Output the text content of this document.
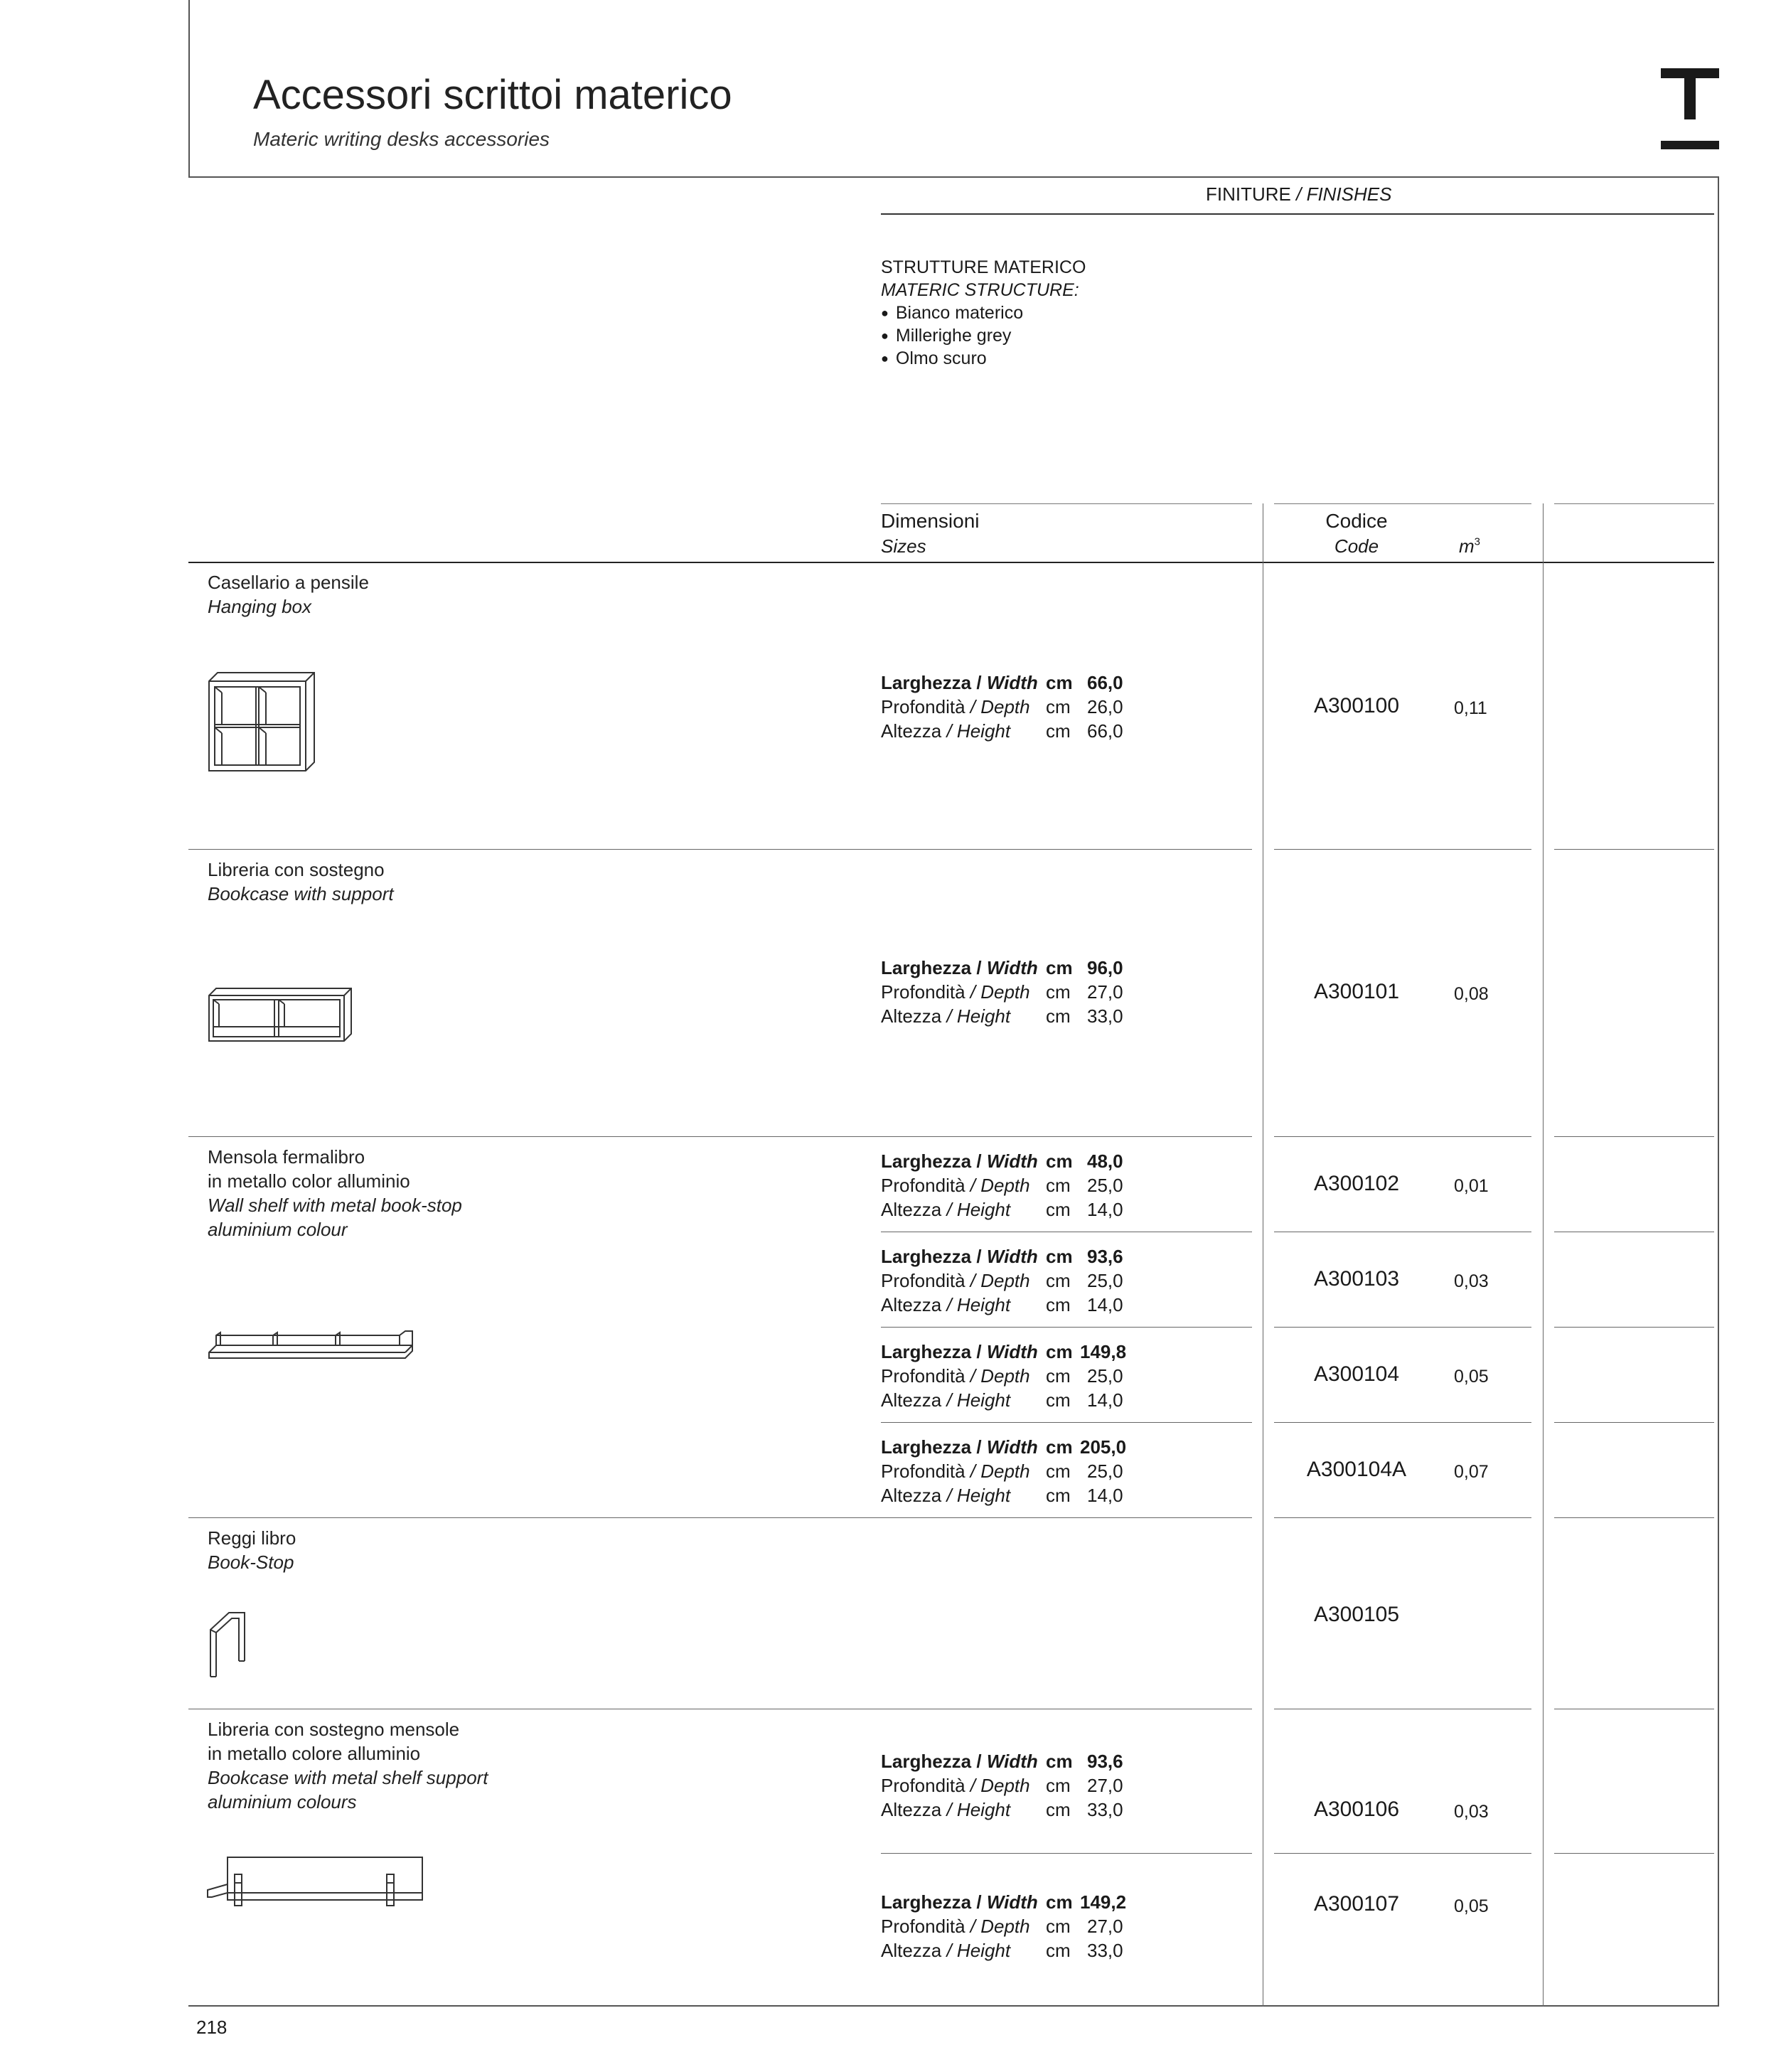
Accessori scrittoi materico
Materic writing desks accessories
FINITURE / FINISHES
STRUTTURE MATERICO
MATERIC STRUCTURE:
● Bianco materico
● Millerighe grey
● Olmo scuro
Dimensioni
Sizes
Codice
Code	$m^3$
Casellario a pensile
Hanging box
Larghezza / Width cm 66,0
Profondità / Depth cm 26,0
Altezza / Height cm 66,0
A300100	0,11
Libreria con sostegno
Bookcase with support
Larghezza / Width cm 96,0
Profondità / Depth cm 27,0
Altezza / Height cm 33,0
A300101	0,08
Mensola fermalibro
in metallo color alluminio
Wall shelf with metal book-stop
aluminium colour
Larghezza / Width cm 48,0
Profondità / Depth cm 25,0
Altezza / Height cm 14,0
A300102	0,01
Larghezza / Width cm 93,6
Profondità / Depth cm 25,0
Altezza / Height cm 14,0
A300103	0,03
Larghezza / Width cm 149,8
Profondità / Depth cm 25,0
Altezza / Height cm 14,0
A300104	0,05
Larghezza / Width cm 205,0
Profondità / Depth cm 25,0
Altezza / Height cm 14,0
A300104A	0,07
Reggi libro
Book-Stop
A300105
Libreria con sostegno mensole
in metallo colore alluminio
Bookcase with metal shelf support
aluminium colours
Larghezza / Width cm 93,6
Profondità / Depth cm 27,0
Altezza / Height cm 33,0	A300106	0,03
Larghezza / Width cm 149,2
Profondità / Depth cm 27,0
Altezza / Height cm 33,0
A300107	0,05
218
